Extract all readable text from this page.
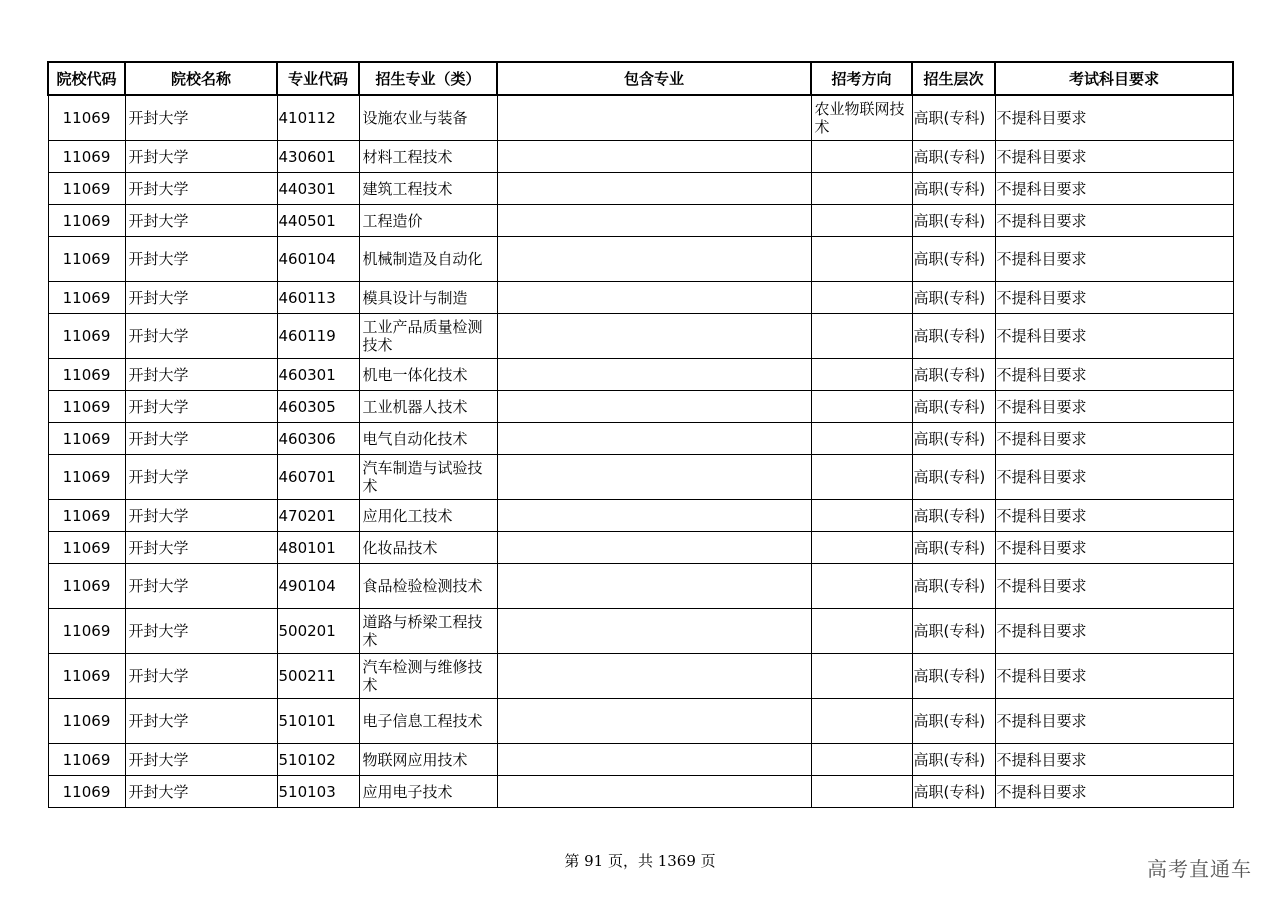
院校代码	院校名称	专业代码	招生专业（类）	包含专业	招考方向	招生层次	考试科目要求
11069	开封大学	410112	设施农业与装备		农业物联网技术	高职(专科)	不提科目要求
11069	开封大学	430601	材料工程技术			高职(专科)	不提科目要求
11069	开封大学	440301	建筑工程技术			高职(专科)	不提科目要求
11069	开封大学	440501	工程造价			高职(专科)	不提科目要求
11069	开封大学	460104	机械制造及自动化			高职(专科)	不提科目要求
11069	开封大学	460113	模具设计与制造			高职(专科)	不提科目要求
11069	开封大学	460119	工业产品质量检测技术			高职(专科)	不提科目要求
11069	开封大学	460301	机电一体化技术			高职(专科)	不提科目要求
11069	开封大学	460305	工业机器人技术			高职(专科)	不提科目要求
11069	开封大学	460306	电气自动化技术			高职(专科)	不提科目要求
11069	开封大学	460701	汽车制造与试验技术			高职(专科)	不提科目要求
11069	开封大学	470201	应用化工技术			高职(专科)	不提科目要求
11069	开封大学	480101	化妆品技术			高职(专科)	不提科目要求
11069	开封大学	490104	食品检验检测技术			高职(专科)	不提科目要求
11069	开封大学	500201	道路与桥梁工程技术			高职(专科)	不提科目要求
11069	开封大学	500211	汽车检测与维修技术			高职(专科)	不提科目要求
11069	开封大学	510101	电子信息工程技术			高职(专科)	不提科目要求
11069	开封大学	510102	物联网应用技术			高职(专科)	不提科目要求
11069	开封大学	510103	应用电子技术			高职(专科)	不提科目要求
第 91 页，共 1369 页	高考直通车
